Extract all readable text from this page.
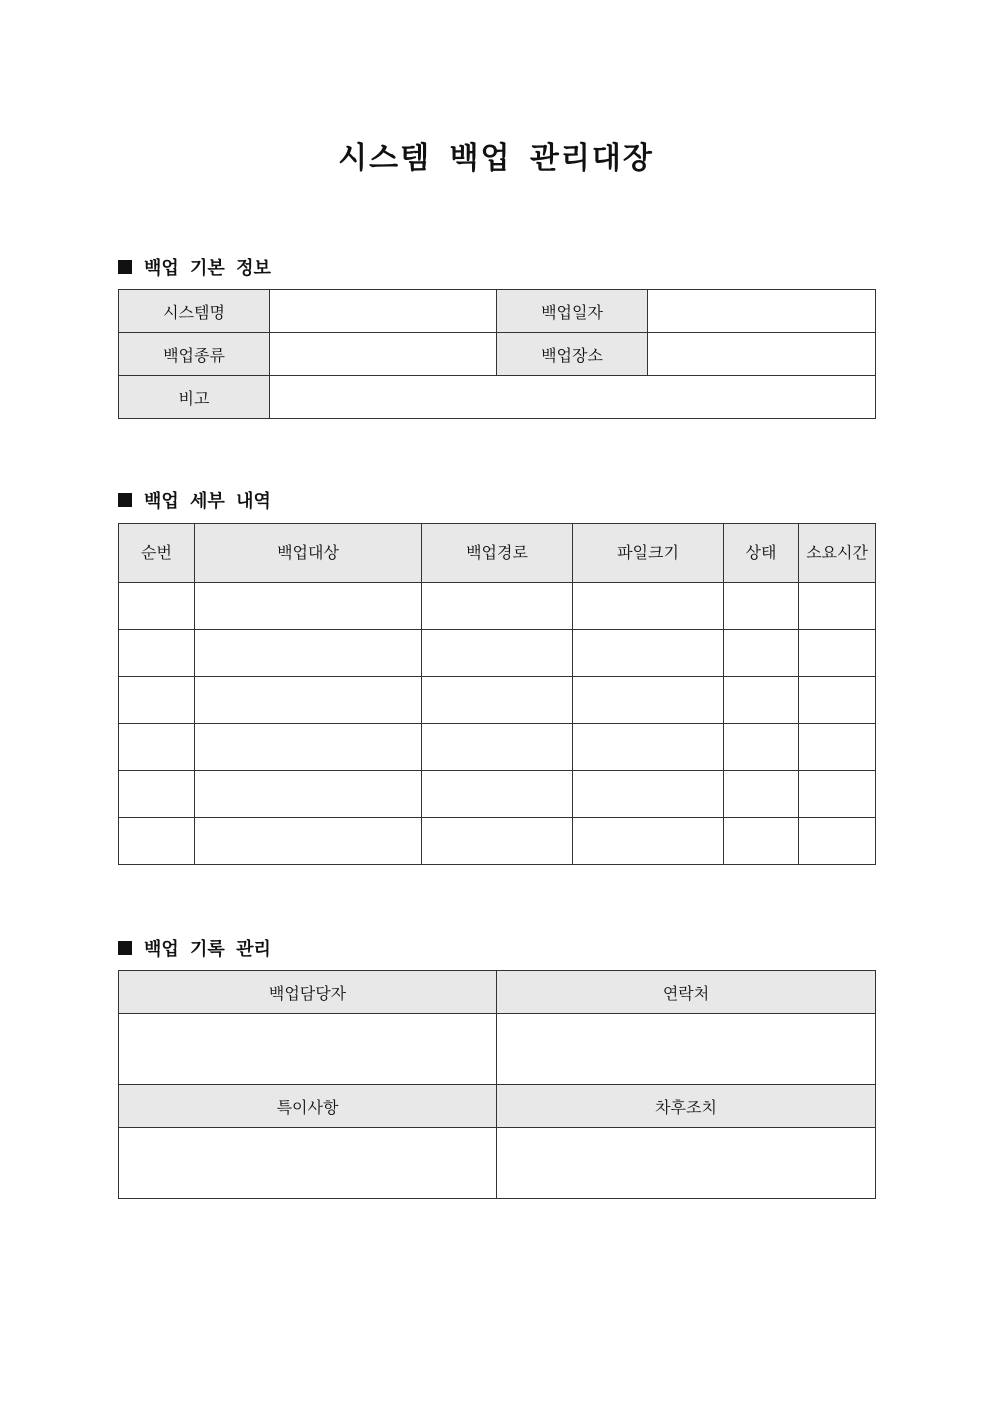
시스템 백업 관리대장
백업 기본 정보
시스템명		백업일자	
백업종류		백업장소	
비고			
백업 세부 내역
순번	백업대상	백업경로	파일크기	상태	소요시간

백업 기록 관리
백업담당자	연락처

특이사항	차후조치
